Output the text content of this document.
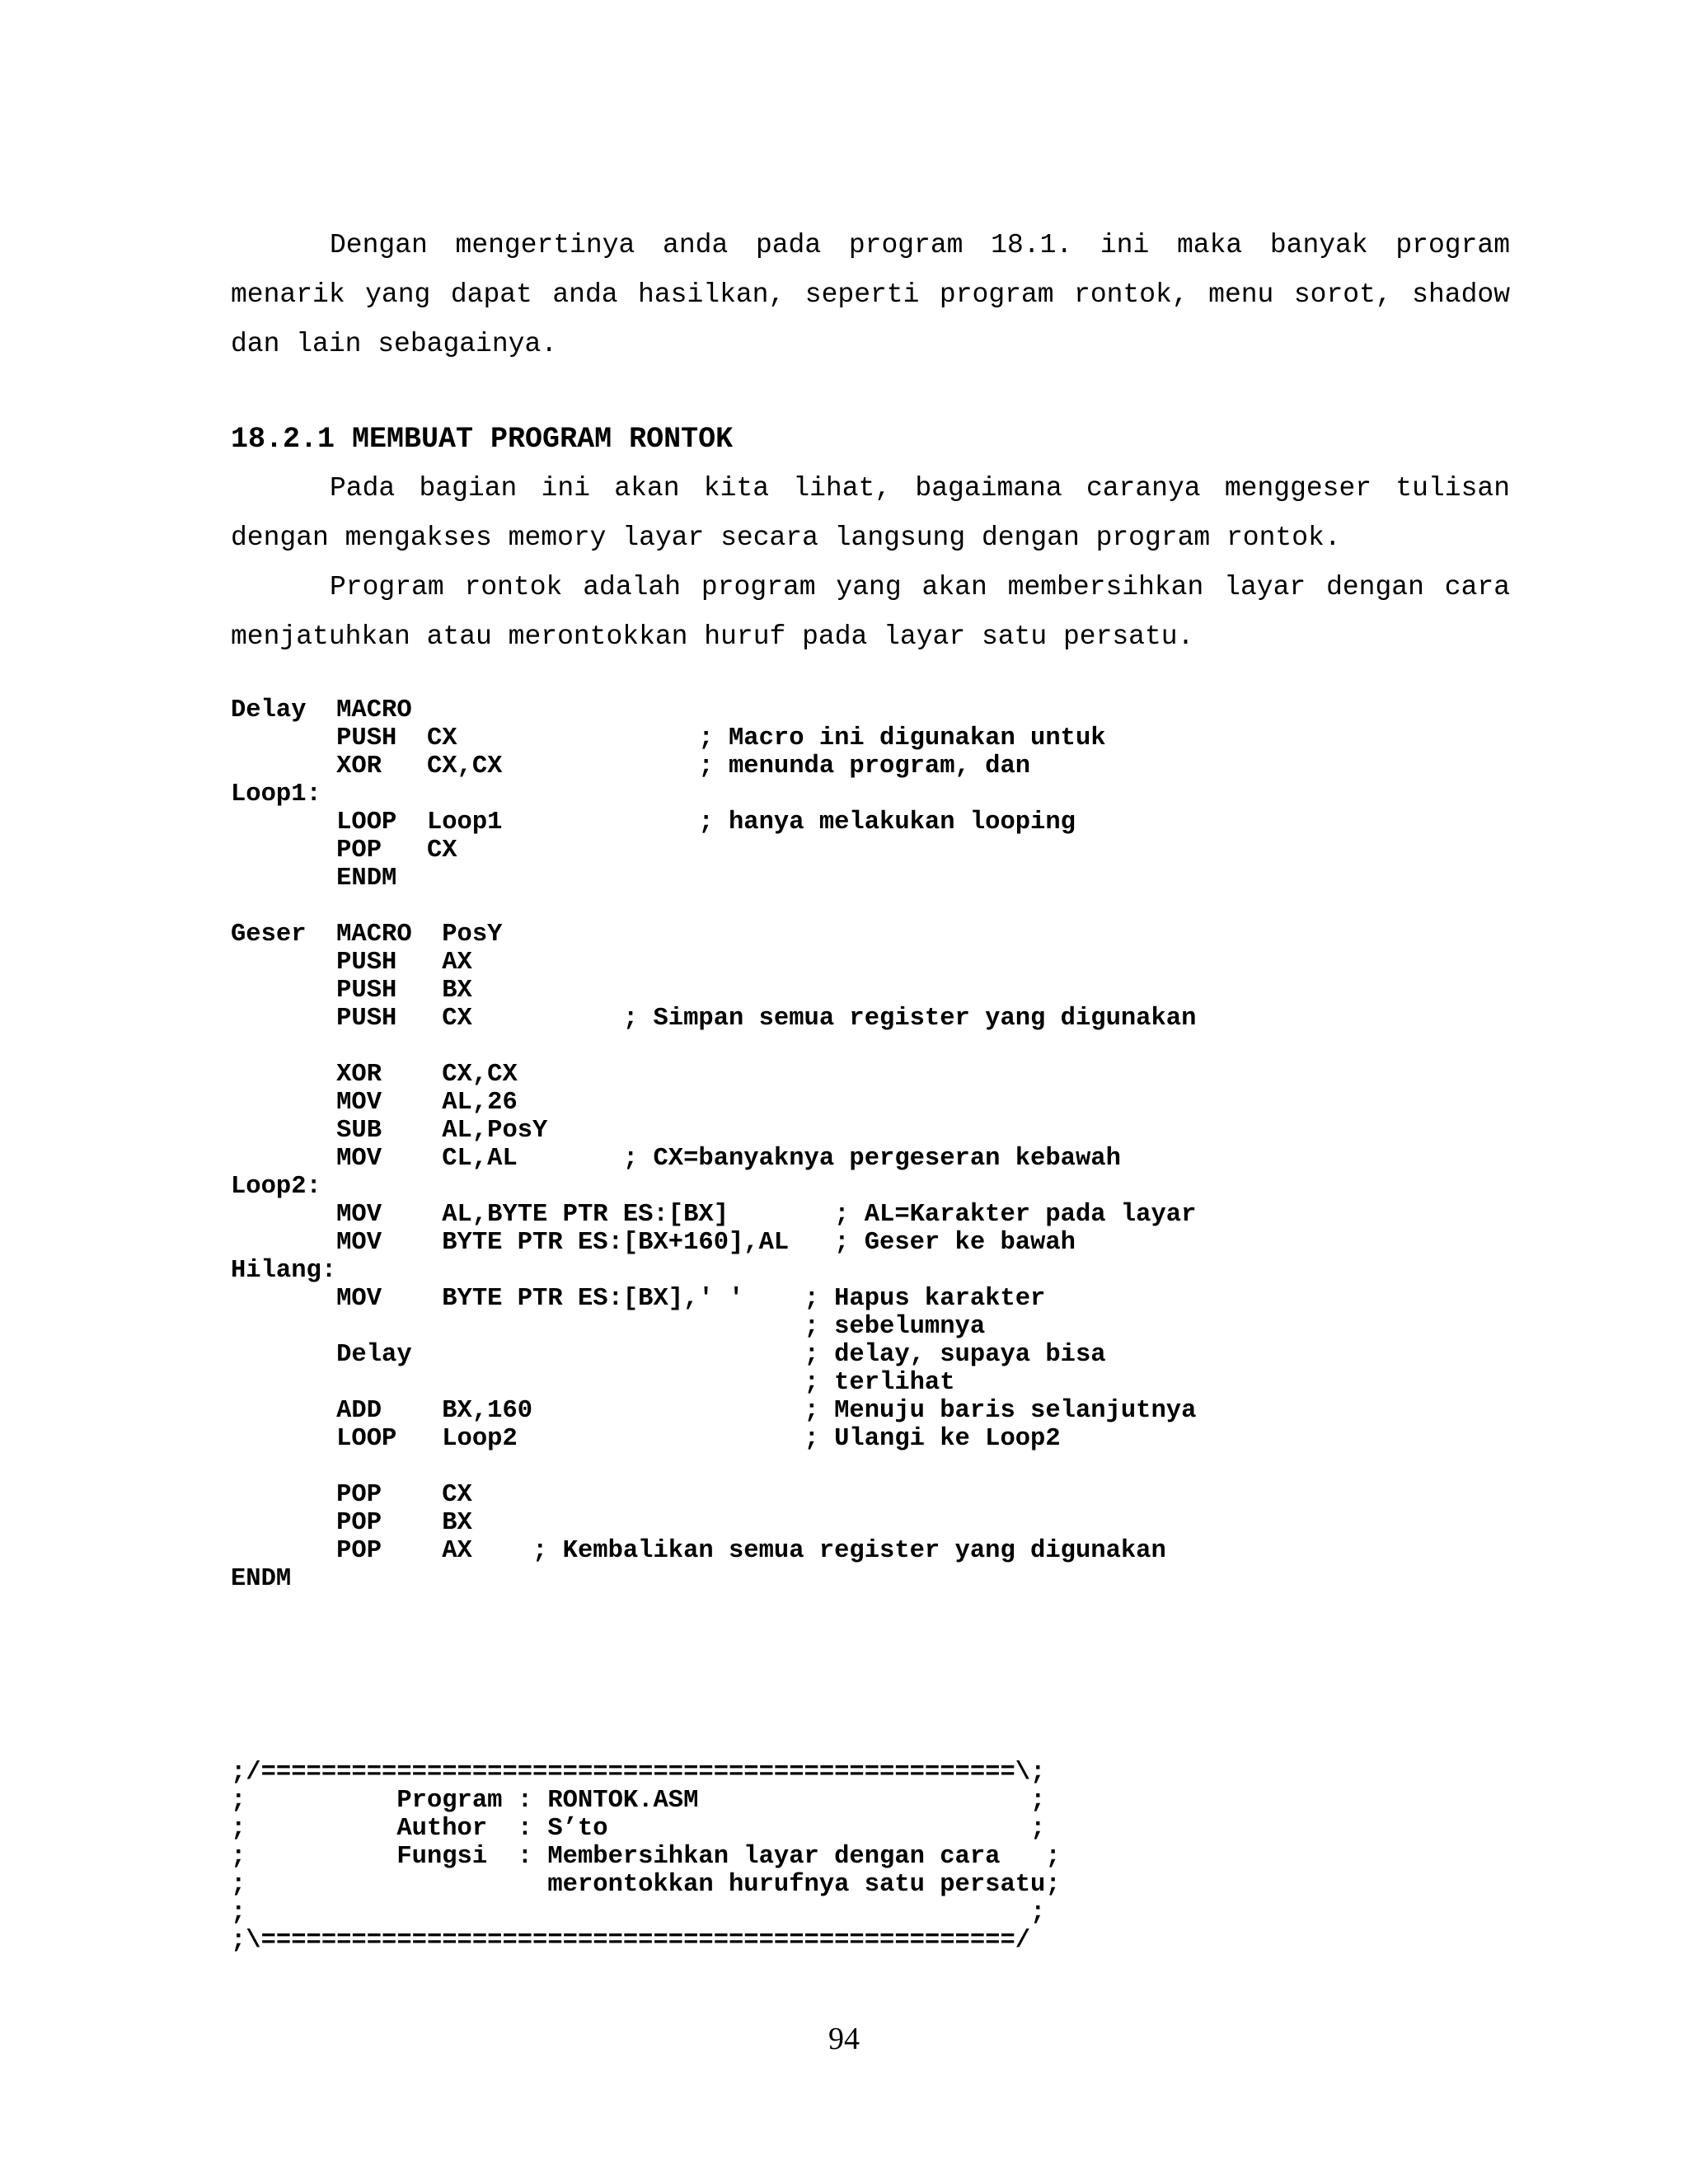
Dengan mengertinya anda pada program 18.1. ini maka banyak program
menarik yang dapat anda hasilkan, seperti program rontok, menu sorot, shadow
dan lain sebagainya.
18.2.1 MEMBUAT PROGRAM RONTOK
Pada bagian ini akan kita lihat, bagaimana caranya menggeser tulisan
dengan mengakses memory layar secara langsung dengan program rontok.
Program rontok adalah program yang akan membersihkan layar dengan cara
menjatuhkan atau merontokkan huruf pada layar satu persatu.
Delay  MACRO
PUSH  CX                ; Macro ini digunakan untuk
XOR   CX,CX             ; menunda program, dan
Loop1:
LOOP  Loop1             ; hanya melakukan looping
POP   CX
ENDM

Geser  MACRO  PosY
PUSH   AX
PUSH   BX
PUSH   CX          ; Simpan semua register yang digunakan

XOR    CX,CX
MOV    AL,26
SUB    AL,PosY
MOV    CL,AL       ; CX=banyaknya pergeseran kebawah
Loop2:
MOV    AL,BYTE PTR ES:[BX]       ; AL=Karakter pada layar
MOV    BYTE PTR ES:[BX+160],AL   ; Geser ke bawah
Hilang:
MOV    BYTE PTR ES:[BX],' '    ; Hapus karakter
; sebelumnya
Delay                          ; delay, supaya bisa
; terlihat
ADD    BX,160                  ; Menuju baris selanjutnya
LOOP   Loop2                   ; Ulangi ke Loop2

POP    CX
POP    BX
POP    AX    ; Kembalikan semua register yang digunakan
ENDM
;/==================================================\;
;          Program : RONTOK.ASM                      ;
;          Author  : S’to                            ;
;          Fungsi  : Membersihkan layar dengan cara   ;
;                    merontokkan hurufnya satu persatu;
;                                                    ;
;\==================================================/
94
